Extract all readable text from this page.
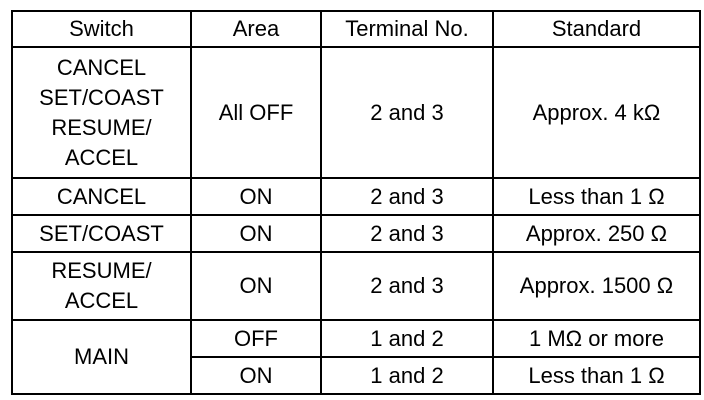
Switch	Area	Terminal No.	Standard

CANCEL
SET/COAST
RESUME/
ACCEL	All OFF	2 and 3	Approx. 4 kΩ
CANCEL	ON	2 and 3	Less than 1 Ω
SET/COAST	ON	2 and 3	Approx. 250 Ω

RESUME/
ACCEL	ON	2 and 3	Approx. 1500 Ω
MAIN	OFF	1 and 2	1 MΩ or more
	ON	1 and 2	Less than 1 Ω
